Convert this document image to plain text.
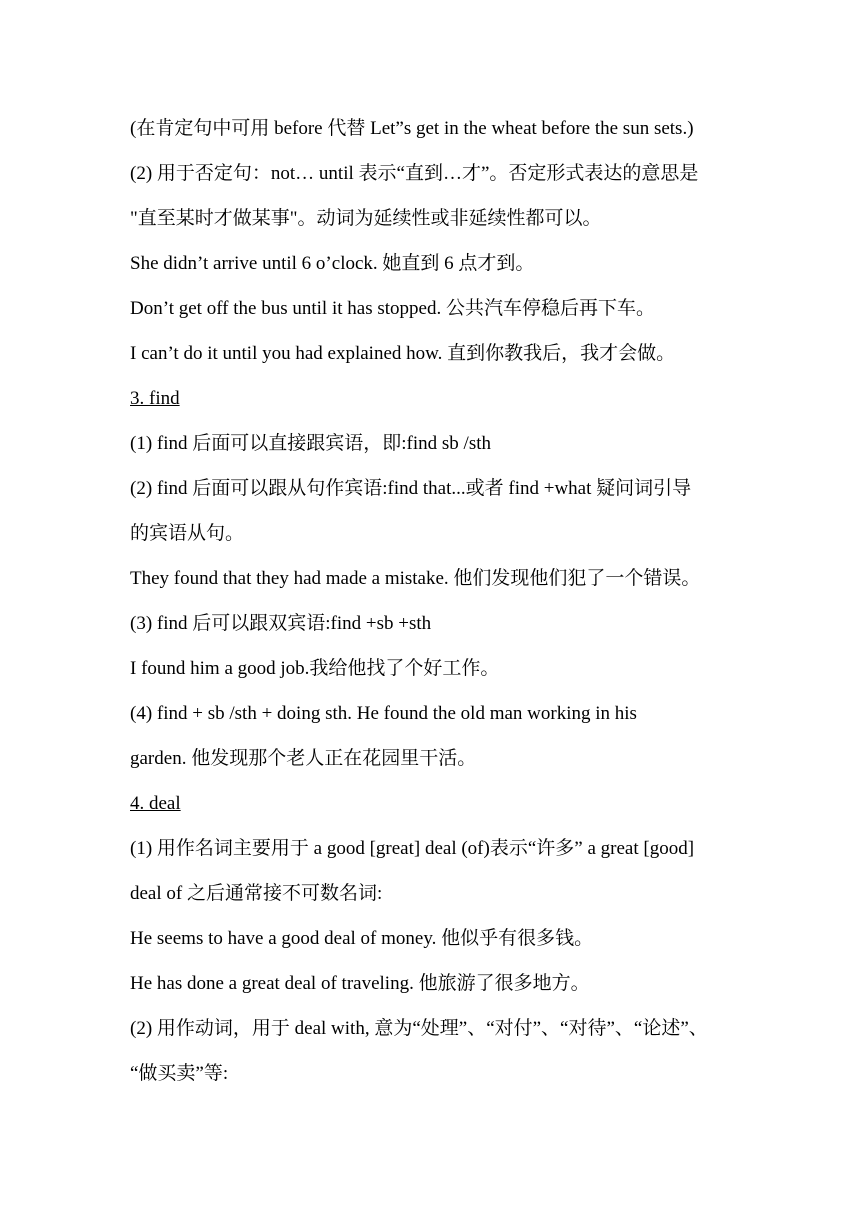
(在肯定句中可用 before 代替 Let”s get in the wheat before the sun sets.)
(2) 用于否定句：not… until 表示“直到…才”。否定形式表达的意思是
"直至某时才做某事"。动词为延续性或非延续性都可以。
She didn’t arrive until 6 o’clock. 她直到 6 点才到。
Don’t get off the bus until it has stopped. 公共汽车停稳后再下车。
I can’t do it until you had explained how. 直到你教我后，我才会做。
3. find
(1) find 后面可以直接跟宾语，即:find sb /sth
(2) find 后面可以跟从句作宾语:find that...或者 find +what 疑问词引导
的宾语从句。
They found that they had made a mistake. 他们发现他们犯了一个错误。
(3) find 后可以跟双宾语:find +sb +sth
I found him a good job.我给他找了个好工作。
(4) find + sb /sth + doing sth. He found the old man working in his
garden. 他发现那个老人正在花园里干活。
4. deal
(1) 用作名词主要用于 a good [great] deal (of)表示“许多” a great [good]
deal of 之后通常接不可数名词:
He seems to have a good deal of money. 他似乎有很多钱。
He has done a great deal of traveling. 他旅游了很多地方。
(2) 用作动词，用于 deal with, 意为“处理”、“对付”、“对待”、“论述”、
“做买卖”等:
